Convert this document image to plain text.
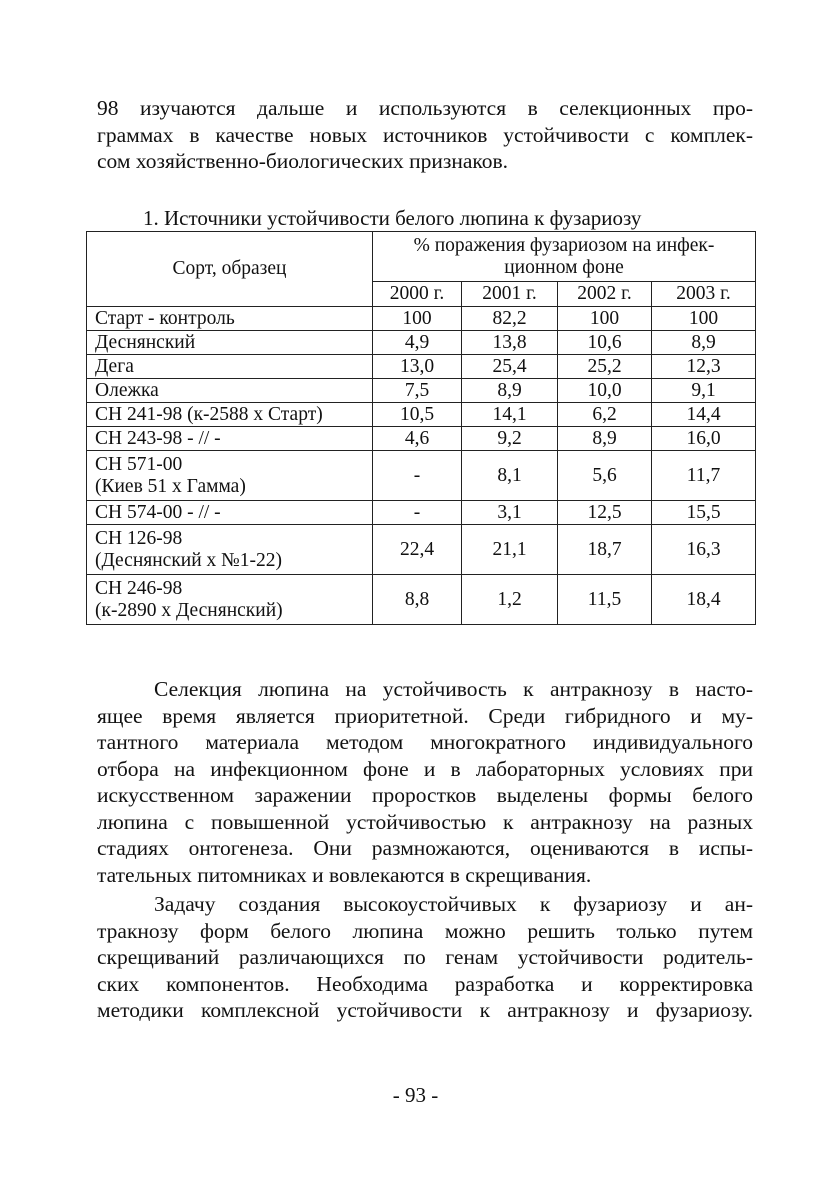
98 изучаются дальше и используются в селекционных про-
граммах в качестве новых источников устойчивости с комплек-
сом хозяйственно-биологических признаков.
1. Источники устойчивости белого люпина к фузариозу
Сорт, образец	% поражения фузариозом на инфек-
ционном фоне			
	2000 г.	2001 г.	2002 г.	2003 г.
Старт - контроль	100	82,2	100	100
Деснянский	4,9	13,8	10,6	8,9
Дега	13,0	25,4	25,2	12,3
Олежка	7,5	8,9	10,0	9,1
СН 241-98 (к-2588 х Старт)	10,5	14,1	6,2	14,4
СН 243-98 - // -	4,6	9,2	8,9	16,0
СН 571-00
(Киев 51 х Гамма)	-	8,1	5,6	11,7
СН 574-00 - // -	-	3,1	12,5	15,5
СН 126-98
(Деснянский х №1-22)	22,4	21,1	18,7	16,3
СН 246-98
(к-2890 х Деснянский)	8,8	1,2	11,5	18,4
Селекция люпина на устойчивость к антракнозу в насто-
ящее время является приоритетной. Среди гибридного и му-
тантного материала методом многократного индивидуального
отбора на инфекционном фоне и в лабораторных условиях при
искусственном заражении проростков выделены формы белого
люпина с повышенной устойчивостью к антракнозу на разных
стадиях онтогенеза. Они размножаются, оцениваются в испы-
тательных питомниках и вовлекаются в скрещивания.
Задачу создания высокоустойчивых к фузариозу и ан-
тракнозу форм белого люпина можно решить только путем
скрещиваний различающихся по генам устойчивости родитель-
ских компонентов. Необходима разработка и корректировка
методики комплексной устойчивости к антракнозу и фузариозу.
- 93 -
